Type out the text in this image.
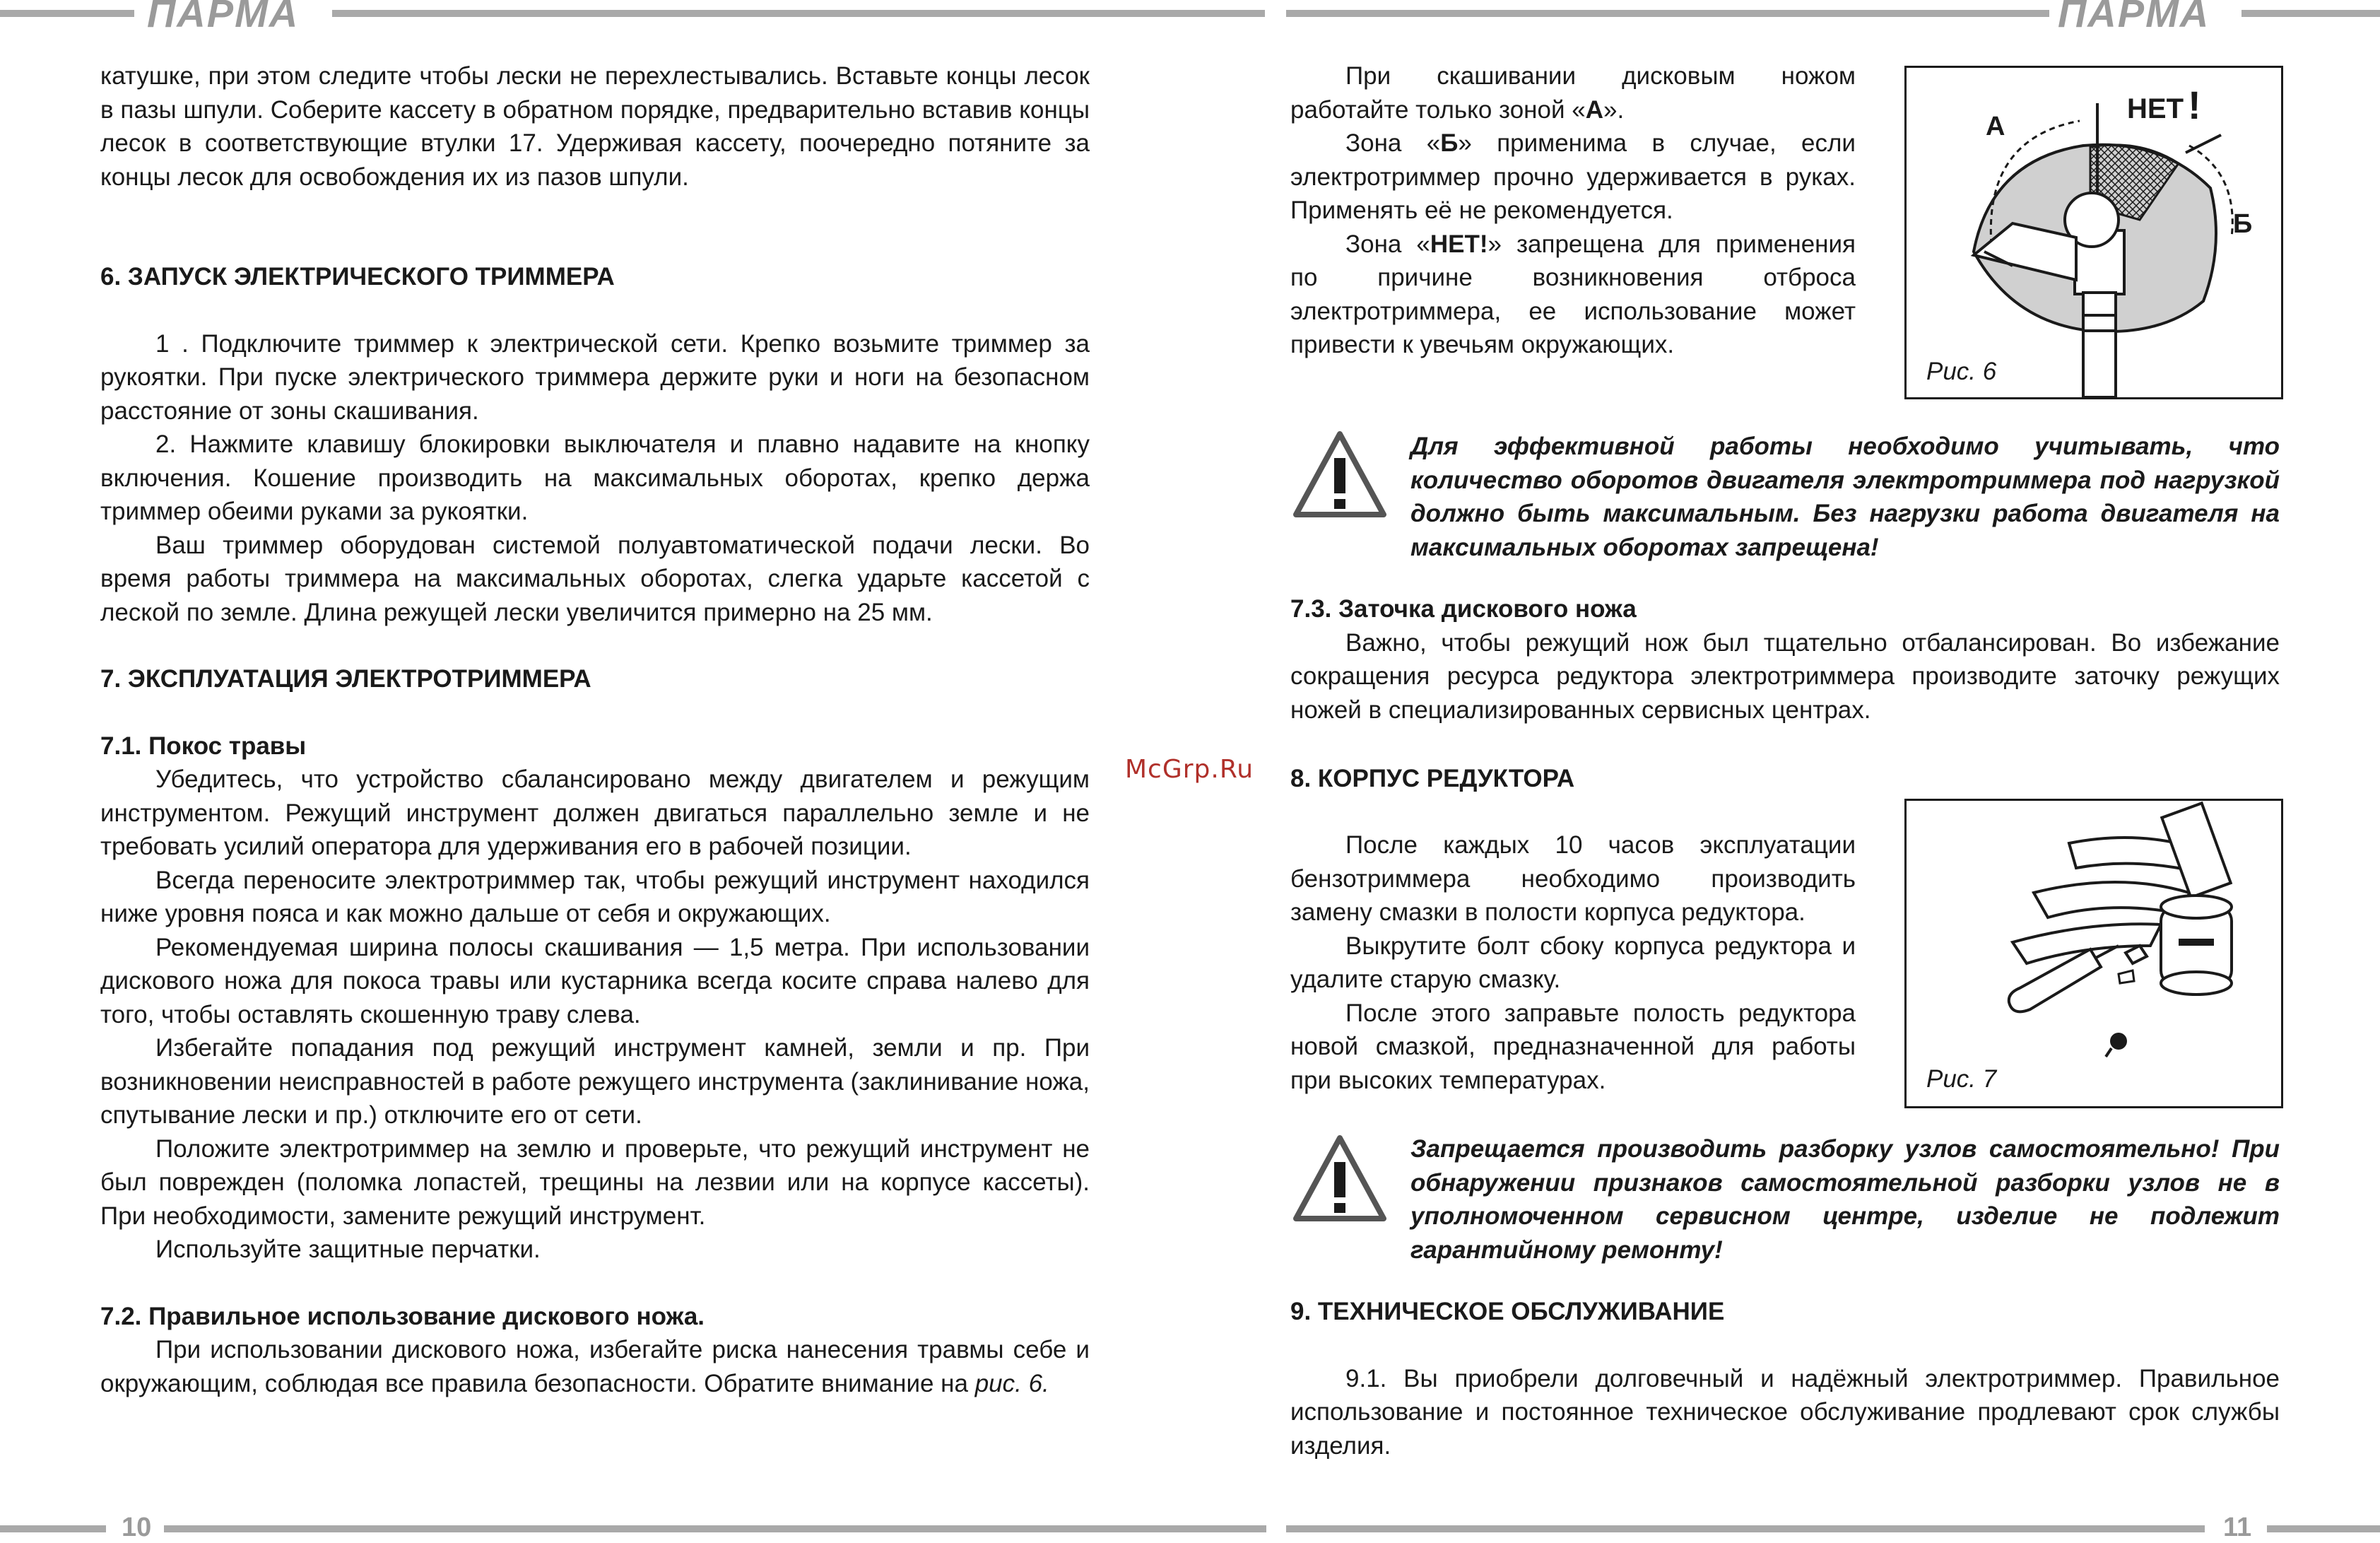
ПАРМА	ПАРМА
10	11
McGrp.Ru

катушке, при этом следите чтобы лески не перехлестывались. Вставьте концы лесок в пазы шпули. Соберите кассету в обратном порядке, предварительно вставив концы лесок в соответствующие втулки 17. Удерживая кассету, поочередно потяните за концы лесок для освобождения их из пазов шпули.

6. ЗАПУСК ЭЛЕКТРИЧЕСКОГО ТРИММЕРА

1 . Подключите триммер к электрической сети. Крепко возьмите триммер за рукоятки. При пуске электрического триммера держите руки и ноги на безопасном расстояние от зоны скашивания.

2. Нажмите клавишу блокировки выключателя и плавно надавите на кнопку включения. Кошение производить на максимальных оборотах, крепко держа триммер обеими руками за рукоятки.

Ваш триммер оборудован системой полуавтоматической подачи лески. Во время работы триммера на максимальных оборотах, слегка ударьте кассетой с леской по земле. Длина режущей лески увеличится примерно на 25 мм.

7. ЭКСПЛУАТАЦИЯ ЭЛЕКТРОТРИММЕРА

7.1. Покос травы

Убедитесь, что устройство сбалансировано между двигателем и режущим инструментом. Режущий инструмент должен двигаться параллельно земле и не требовать усилий оператора для удерживания его в рабочей позиции.

Всегда переносите электротриммер так, чтобы режущий инструмент находился ниже уровня пояса и как можно дальше от себя и окружающих.

Рекомендуемая ширина полосы скашивания — 1,5 метра. При использовании дискового ножа для покоса травы или кустарника всегда косите справа налево для того, чтобы оставлять скошенную траву слева.

Избегайте попадания под режущий инструмент камней, земли и пр. При возникновении неисправностей в работе режущего инструмента (заклинивание ножа, спутывание лески и пр.) отключите его от сети.

Положите электротриммер на землю и проверьте, что режущий инструмент не был поврежден (поломка лопастей, трещины на лезвии или на корпусе кассеты). При необходимости, замените режущий инструмент.

Используйте защитные перчатки.

7.2. Правильное использование дискового ножа.

При использовании дискового ножа, избегайте риска нанесения травмы себе и окружающим, соблюдая все правила безопасности. Обратите внимание на рис. 6.

При скашивании дисковым ножом работайте только зоной «А».

Зона «Б» применима в случае, если электротриммер прочно удерживается в руках. Применять её не рекомендуется.

Зона «НЕТ!» запрещена для применения по причине возникновения отброса электротриммера, ее использование может привести к увечьям окружающих.

А
НЕТ !
Б
Рис. 6

Для эффективной работы необходимо учитывать, что количество оборотов двигателя электротриммера под нагрузкой должно быть максимальным. Без нагрузки работа двигателя на максимальных оборотах запрещена!

7.3. Заточка дискового ножа

Важно, чтобы режущий нож был тщательно отбалансирован. Во избежание сокращения ресурса редуктора электротриммера производите заточку режущих ножей в специализированных сервисных центрах.

8. КОРПУС РЕДУКТОРА

После каждых 10 часов эксплуатации бензотриммера необходимо производить замену смазки в полости корпуса редуктора.

Выкрутите болт сбоку корпуса редуктора и удалите старую смазку.

После этого заправьте полость редуктора новой смазкой, предназначенной для работы при высоких температурах.	Рис. 7

Запрещается производить разборку узлов самостоятельно! При обнаружении признаков самостоятельной разборки узлов не в уполномоченном сервисном центре, изделие не подлежит гарантийному ремонту!

9. ТЕХНИЧЕСКОЕ ОБСЛУЖИВАНИЕ

9.1. Вы приобрели долговечный и надёжный электротриммер. Правильное использование и постоянное техническое обслуживание продлевают срок службы изделия.
